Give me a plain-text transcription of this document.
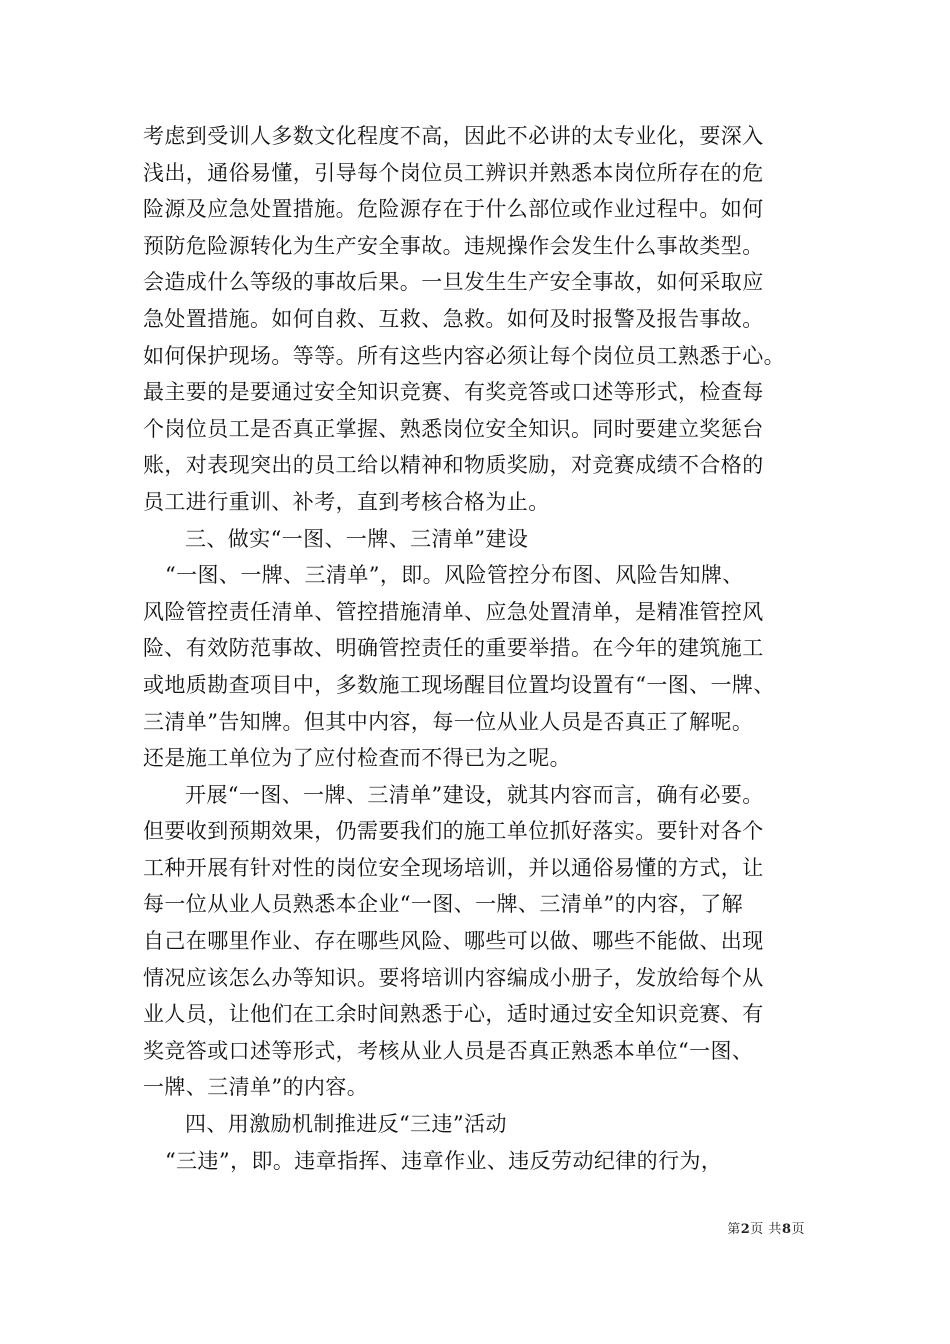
考虑到受训人多数文化程度不高，因此不必讲的太专业化，要深入
浅出，通俗易懂，引导每个岗位员工辨识并熟悉本岗位所存在的危
险源及应急处置措施。危险源存在于什么部位或作业过程中。如何
预防危险源转化为生产安全事故。违规操作会发生什么事故类型。
会造成什么等级的事故后果。一旦发生生产安全事故，如何采取应
急处置措施。如何自救、互救、急救。如何及时报警及报告事故。
如何保护现场。等等。所有这些内容必须让每个岗位员工熟悉于心。
最主要的是要通过安全知识竞赛、有奖竞答或口述等形式，检查每
个岗位员工是否真正掌握、熟悉岗位安全知识。同时要建立奖惩台
账，对表现突出的员工给以精神和物质奖励，对竞赛成绩不合格的
员工进行重训、补考，直到考核合格为止。
三、做实“一图、一牌、三清单”建设
“一图、一牌、三清单”，即。风险管控分布图、风险告知牌、
风险管控责任清单、管控措施清单、应急处置清单，是精准管控风
险、有效防范事故、明确管控责任的重要举措。在今年的建筑施工
或地质勘查项目中，多数施工现场醒目位置均设置有“一图、一牌、
三清单”告知牌。但其中内容，每一位从业人员是否真正了解呢。
还是施工单位为了应付检查而不得已为之呢。
开展“一图、一牌、三清单”建设，就其内容而言，确有必要。
但要收到预期效果，仍需要我们的施工单位抓好落实。要针对各个
工种开展有针对性的岗位安全现场培训，并以通俗易懂的方式，让
每一位从业人员熟悉本企业“一图、一牌、三清单”的内容，了解
自己在哪里作业、存在哪些风险、哪些可以做、哪些不能做、出现
情况应该怎么办等知识。要将培训内容编成小册子，发放给每个从
业人员，让他们在工余时间熟悉于心，适时通过安全知识竞赛、有
奖竞答或口述等形式，考核从业人员是否真正熟悉本单位“一图、
一牌、三清单”的内容。
四、用激励机制推进反“三违”活动
“三违”，即。违章指挥、违章作业、违反劳动纪律的行为，
第2页 共8页
